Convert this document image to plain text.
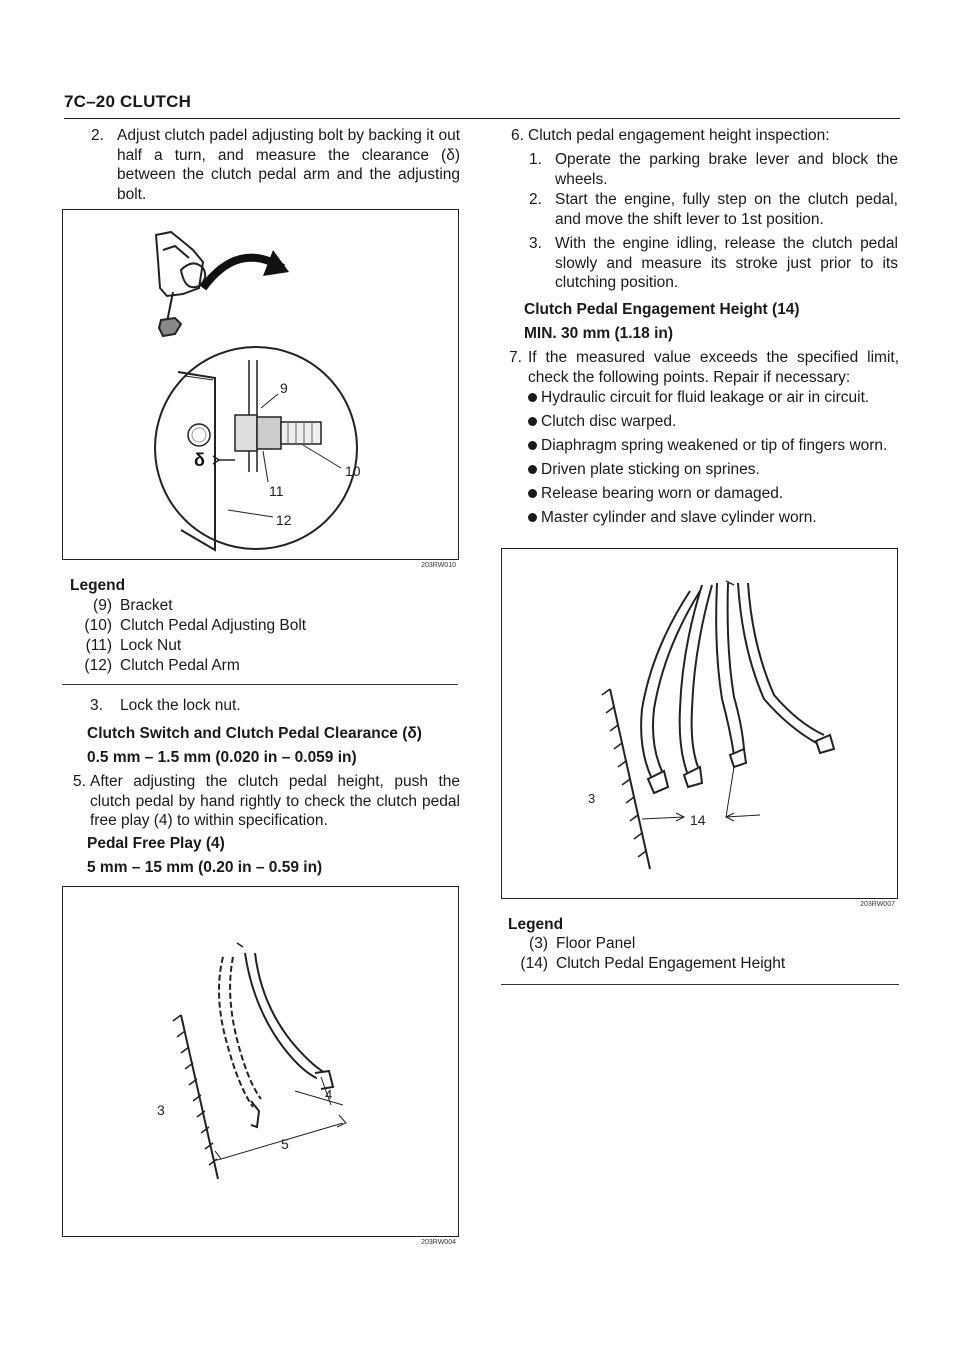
7C–20 CLUTCH
2. Adjust clutch padel adjusting bolt by backing it out half a turn, and measure the clearance (δ) between the clutch pedal arm and the adjusting bolt.
9
10
11
12
δ
203RW010
Legend
(9) Bracket
(10) Clutch Pedal Adjusting Bolt
(11) Lock Nut
(12) Clutch Pedal Arm
3. Lock the lock nut.
Clutch Switch and Clutch Pedal Clearance (δ)
0.5 mm – 1.5 mm (0.020 in – 0.059 in)
5. After adjusting the clutch pedal height, push the clutch pedal by hand rightly to check the clutch pedal free play (4) to within specification.
Pedal Free Play (4)
5 mm – 15 mm (0.20 in – 0.59 in)
3
4
5
203RW004
6. Clutch pedal engagement height inspection:
1. Operate the parking brake lever and block the wheels.
2. Start the engine, fully step on the clutch pedal, and move the shift lever to 1st position.
3. With the engine idling, release the clutch pedal slowly and measure its stroke just prior to its clutching position.
Clutch Pedal Engagement Height (14)
MIN. 30 mm (1.18 in)
7. If the measured value exceeds the specified limit, check the following points. Repair if necessary:
Hydraulic circuit for fluid leakage or air in circuit.
Clutch disc warped.
Diaphragm spring weakened or tip of fingers worn.
Driven plate sticking on sprines.
Release bearing worn or damaged.
Master cylinder and slave cylinder worn.
3
14
203RW007
Legend
(3) Floor Panel
(14) Clutch Pedal Engagement Height
